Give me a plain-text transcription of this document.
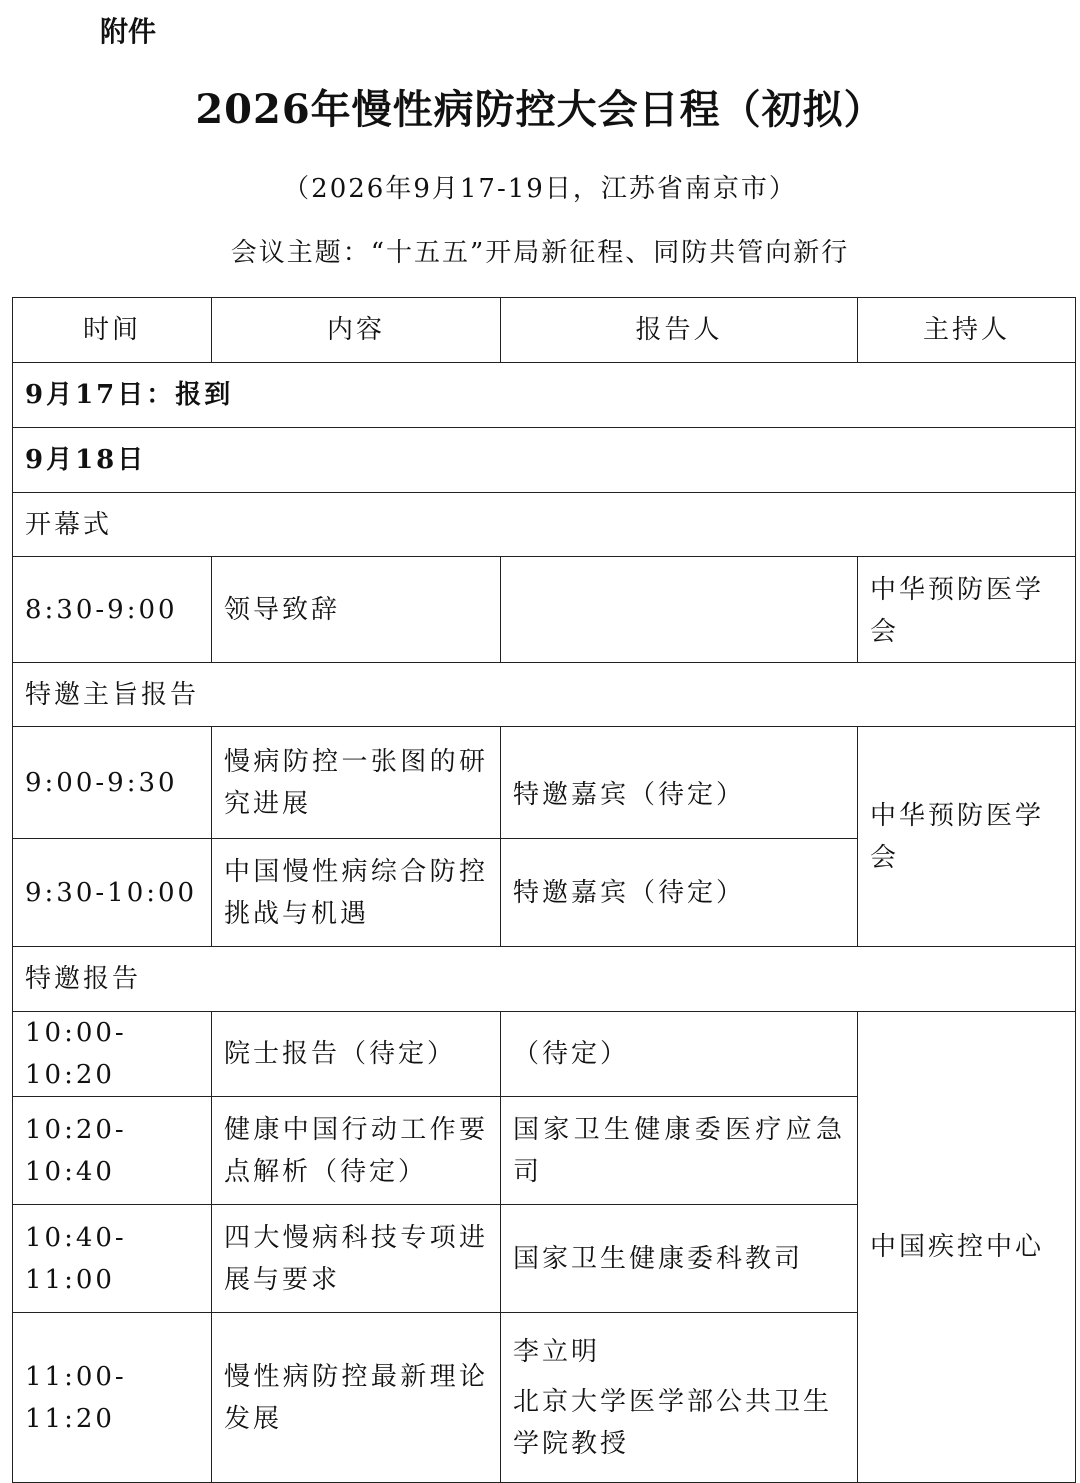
附件
2026年慢性病防控大会日程（初拟）
（2026年9月17-19日，江苏省南京市）
会议主题：“十五五”开局新征程、同防共管向新行
时间	内容	报告人	主持人
9月17日：报到			
9月18日			
开幕式			
8:30-9:00	领导致辞		中华预防医学会
特邀主旨报告			
9:00-9:30	慢病防控一张图的研究进展	特邀嘉宾（待定）	中华预防医学会
9:30-10:00	中国慢性病综合防控挑战与机遇	特邀嘉宾（待定）	
特邀报告			
10:00-10:20	院士报告（待定）	（待定）	中国疾控中心
10:20-10:40	健康中国行动工作要点解析（待定）	国家卫生健康委医疗应急司	
10:40-11:00	四大慢病科技专项进展与要求	国家卫生健康委科教司	
11:00-11:20	慢性病防控最新理论发展	李立明
北京大学医学部公共卫生学院教授	
